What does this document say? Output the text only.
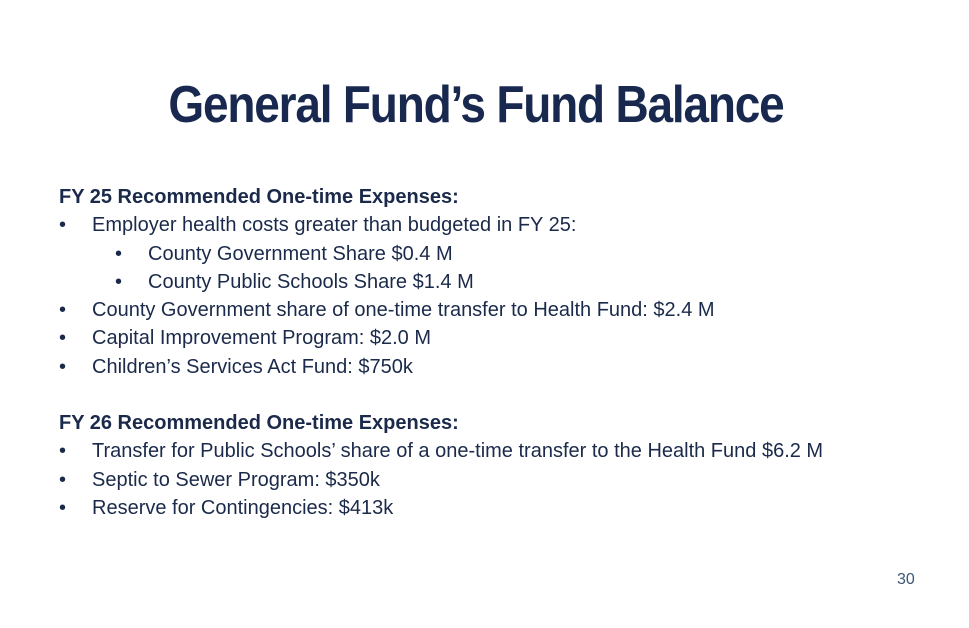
General Fund’s Fund Balance
FY 25 Recommended One-time Expenses:
• Employer health costs greater than budgeted in FY 25:
• County Government Share $0.4 M
• County Public Schools Share $1.4 M
• County Government share of one-time transfer to Health Fund: $2.4 M
• Capital Improvement Program: $2.0 M
• Children’s Services Act Fund: $750k
FY 26 Recommended One-time Expenses:
• Transfer for Public Schools’ share of a one-time transfer to the Health Fund $6.2 M
• Septic to Sewer Program: $350k
• Reserve for Contingencies: $413k
30
